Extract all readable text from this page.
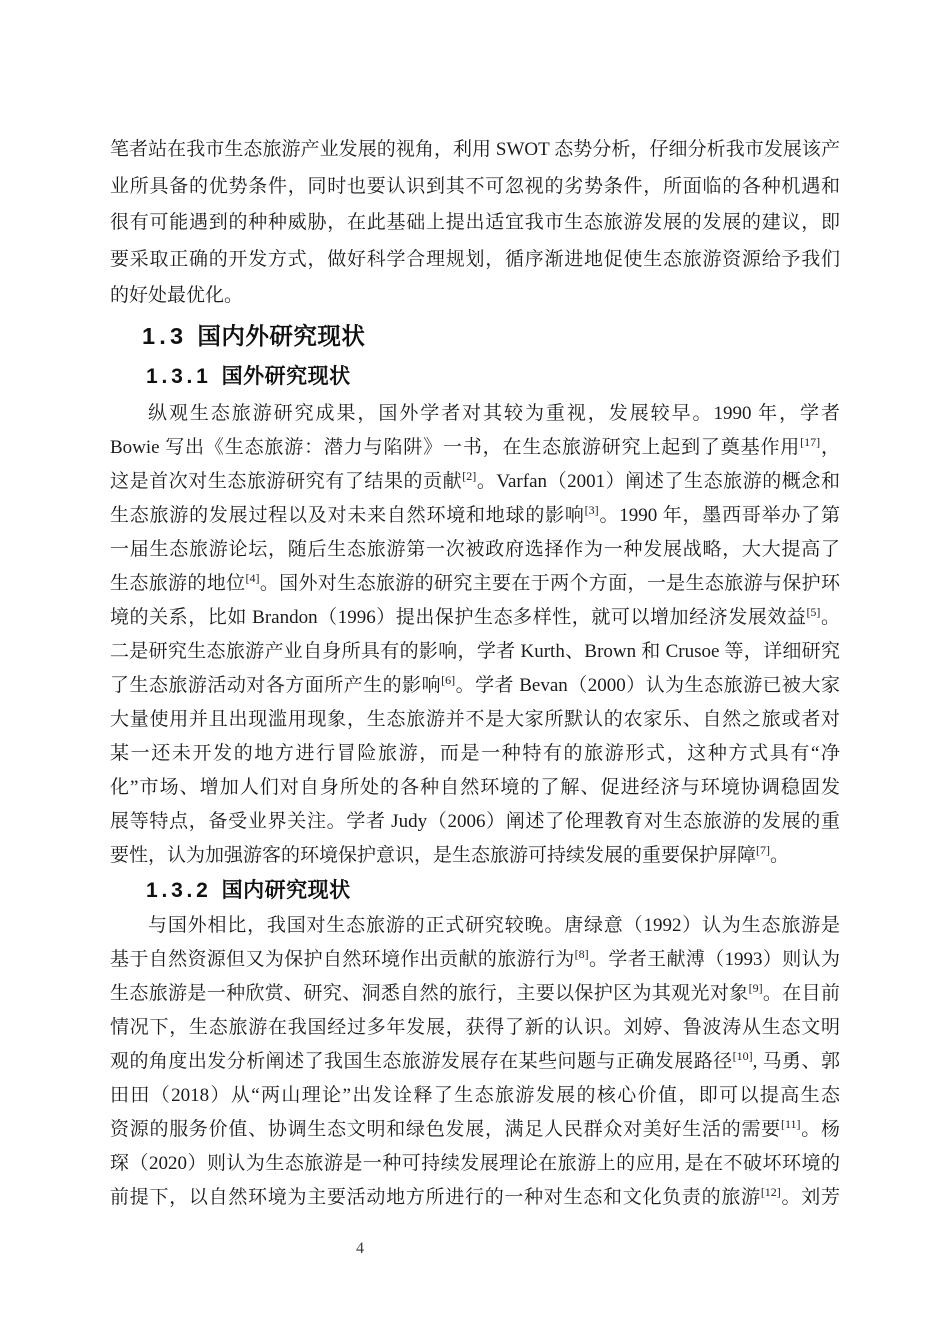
笔者站在我市生态旅游产业发展的视角，利用 SWOT 态势分析，仔细分析我市发展该产
业所具备的优势条件，同时也要认识到其不可忽视的劣势条件，所面临的各种机遇和
很有可能遇到的种种威胁，在此基础上提出适宜我市生态旅游发展的发展的建议，即
要采取正确的开发方式，做好科学合理规划，循序渐进地促使生态旅游资源给予我们
的好处最优化。
1.3 国内外研究现状
1.3.1 国外研究现状
纵观生态旅游研究成果，国外学者对其较为重视，发展较早。1990 年，学者
Bowie 写出《生态旅游：潜力与陷阱》一书，在生态旅游研究上起到了奠基作用[17]，
这是首次对生态旅游研究有了结果的贡献[2]。Varfan（2001）阐述了生态旅游的概念和
生态旅游的发展过程以及对未来自然环境和地球的影响[3]。1990 年，墨西哥举办了第
一届生态旅游论坛，随后生态旅游第一次被政府选择作为一种发展战略，大大提高了
生态旅游的地位[4]。国外对生态旅游的研究主要在于两个方面，一是生态旅游与保护环
境的关系，比如 Brandon（1996）提出保护生态多样性，就可以增加经济发展效益[5]。
二是研究生态旅游产业自身所具有的影响，学者 Kurth、Brown 和 Crusoe 等，详细研究
了生态旅游活动对各方面所产生的影响[6]。学者 Bevan（2000）认为生态旅游已被大家
大量使用并且出现滥用现象，生态旅游并不是大家所默认的农家乐、自然之旅或者对
某一还未开发的地方进行冒险旅游，而是一种特有的旅游形式，这种方式具有“净
化”市场、增加人们对自身所处的各种自然环境的了解、促进经济与环境协调稳固发
展等特点，备受业界关注。学者 Judy（2006）阐述了伦理教育对生态旅游的发展的重
要性，认为加强游客的环境保护意识，是生态旅游可持续发展的重要保护屏障[7]。
1.3.2 国内研究现状
与国外相比，我国对生态旅游的正式研究较晚。唐绿意（1992）认为生态旅游是
基于自然资源但又为保护自然环境作出贡献的旅游行为[8]。学者王献溥（1993）则认为
生态旅游是一种欣赏、研究、洞悉自然的旅行，主要以保护区为其观光对象[9]。在目前
情况下，生态旅游在我国经过多年发展，获得了新的认识。刘婷、鲁波涛从生态文明
观的角度出发分析阐述了我国生态旅游发展存在某些问题与正确发展路径[10], 马勇、郭
田田（2018）从“两山理论”出发诠释了生态旅游发展的核心价值，即可以提高生态
资源的服务价值、协调生态文明和绿色发展，满足人民群众对美好生活的需要[11]。杨
琛（2020）则认为生态旅游是一种可持续发展理论在旅游上的应用, 是在不破坏环境的
前提下，以自然环境为主要活动地方所进行的一种对生态和文化负责的旅游[12]。刘芳
4
